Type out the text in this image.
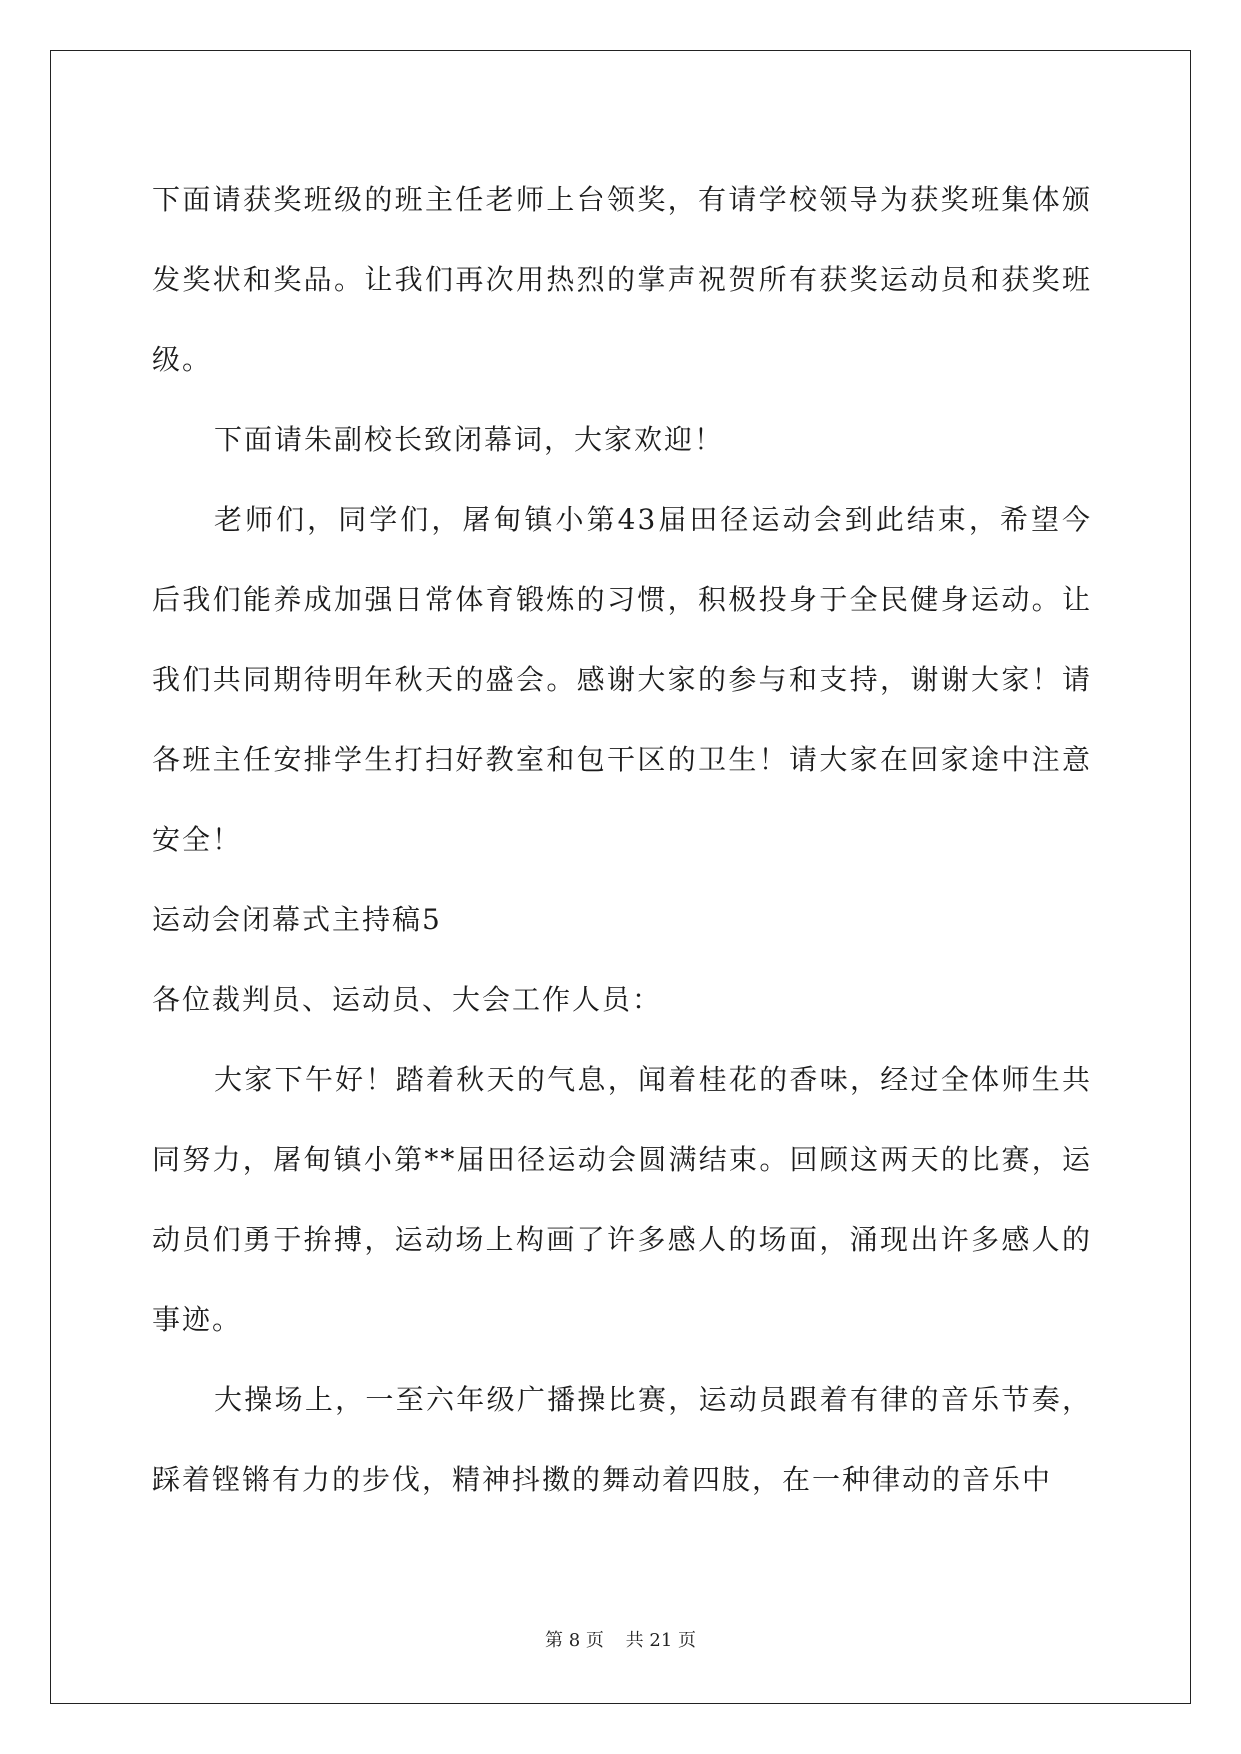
下面请获奖班级的班主任老师上台领奖，有请学校领导为获奖班集体颁发奖状和奖品。让我们再次用热烈的掌声祝贺所有获奖运动员和获奖班级。

下面请朱副校长致闭幕词，大家欢迎！

老师们，同学们，屠甸镇小第43届田径运动会到此结束，希望今后我们能养成加强日常体育锻炼的习惯，积极投身于全民健身运动。让我们共同期待明年秋天的盛会。感谢大家的参与和支持，谢谢大家！请各班主任安排学生打扫好教室和包干区的卫生！请大家在回家途中注意安全！

运动会闭幕式主持稿5

各位裁判员、运动员、大会工作人员：

大家下午好！踏着秋天的气息，闻着桂花的香味，经过全体师生共同努力，屠甸镇小第**届田径运动会圆满结束。回顾这两天的比赛，运动员们勇于拚搏，运动场上构画了许多感人的场面，涌现出许多感人的事迹。

大操场上，一至六年级广播操比赛，运动员跟着有律的音乐节奏，踩着铿锵有力的步伐，精神抖擞的舞动着四肢，在一种律动的音乐中

第 8 页 共 21 页
